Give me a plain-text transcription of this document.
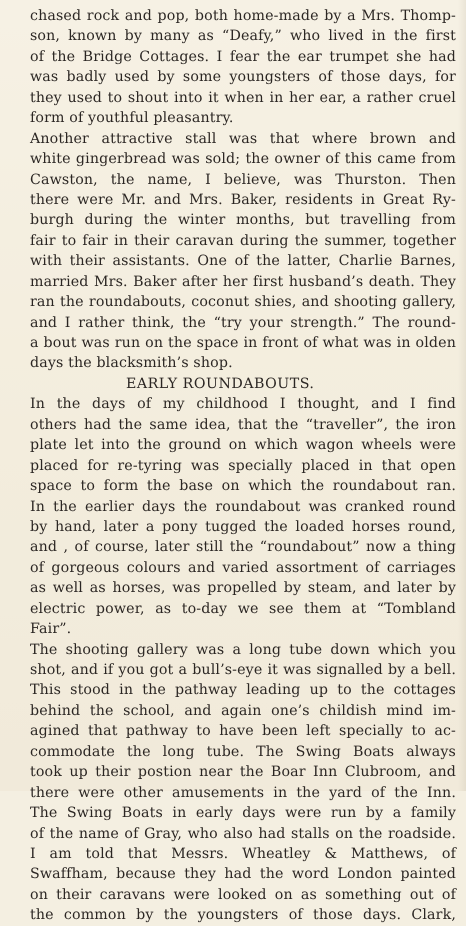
chased rock and pop, both home-made by a Mrs. Thomp-
son, known by many as “Deafy,” who lived in the first
of the Bridge Cottages. I fear the ear trumpet she had
was badly used by some youngsters of those days, for
they used to shout into it when in her ear, a rather cruel
form of youthful pleasantry.
Another attractive stall was that where brown and
white gingerbread was sold; the owner of this came from
Cawston, the name, I believe, was Thurston. Then
there were Mr. and Mrs. Baker, residents in Great Ry-
burgh during the winter months, but travelling from
fair to fair in their caravan during the summer, together
with their assistants. One of the latter, Charlie Barnes,
married Mrs. Baker after her first husband’s death. They
ran the roundabouts, coconut shies, and shooting gallery,
and I rather think, the “try your strength.” The round-
a bout was run on the space in front of what was in olden
days the blacksmith’s shop.
EARLY ROUNDABOUTS.
In the days of my childhood I thought, and I find
others had the same idea, that the “traveller”, the iron
plate let into the ground on which wagon wheels were
placed for re-tyring was specially placed in that open
space to form the base on which the roundabout ran.
In the earlier days the roundabout was cranked round
by hand, later a pony tugged the loaded horses round,
and , of course, later still the “roundabout” now a thing
of gorgeous colours and varied assortment of carriages
as well as horses, was propelled by steam, and later by
electric power, as to-day we see them at “Tombland
Fair”.
The shooting gallery was a long tube down which you
shot, and if you got a bull’s-eye it was signalled by a bell.
This stood in the pathway leading up to the cottages
behind the school, and again one’s childish mind im-
agined that pathway to have been left specially to ac-
commodate the long tube. The Swing Boats always
took up their postion near the Boar Inn Clubroom, and
there were other amusements in the yard of the Inn.
The Swing Boats in early days were run by a family
of the name of Gray, who also had stalls on the roadside.
I am told that Messrs. Wheatley & Matthews, of
Swaffham, because they had the word London painted
on their caravans were looked on as something out of
the common by the youngsters of those days. Clark,
